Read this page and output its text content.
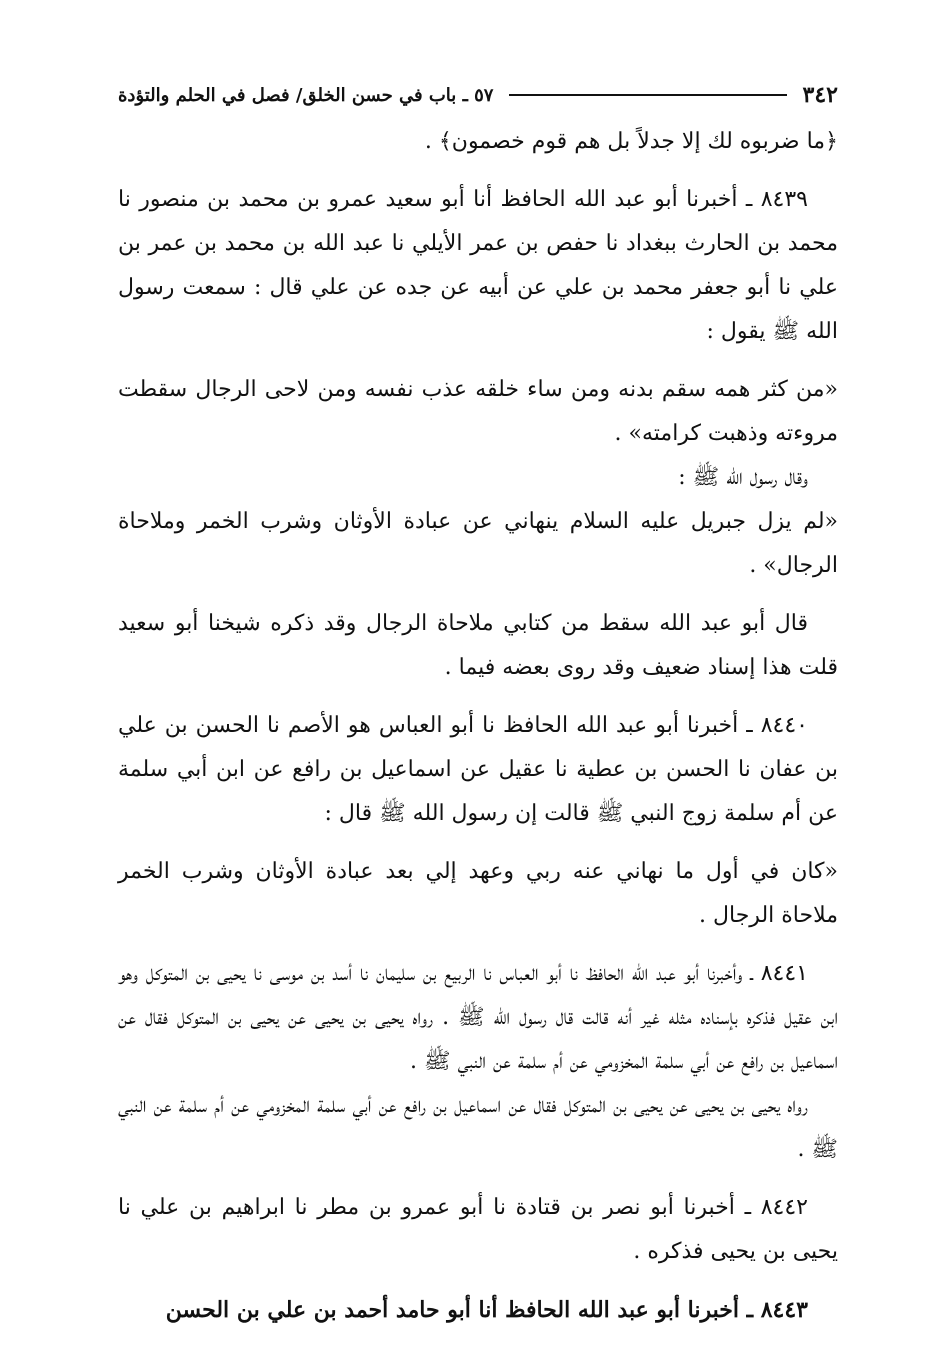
٣٤٢
٥٧ ـ باب في حسن الخلق/ فصل في الحلم والتؤدة

﴿ما ضربوه لك إلا جدلاً بل هم قوم خصمون﴾ .

٨٤٣٩ ـ أخبرنا أبو عبد الله الحافظ أنا أبو سعيد عمرو بن محمد بن منصور نا محمد بن الحارث ببغداد نا حفص بن عمر الأيلي نا عبد الله بن محمد بن عمر بن علي نا أبو جعفر محمد بن علي عن أبيه عن جده عن علي قال : سمعت رسول الله ﷺ يقول :

«من كثر همه سقم بدنه ومن ساء خلقه عذب نفسه ومن لاحى الرجال سقطت مروءته وذهبت كرامته» .

وقال رسول الله ﷺ :

«لم يزل جبريل عليه السلام ينهاني عن عبادة الأوثان وشرب الخمر وملاحاة الرجال» .

قال أبو عبد الله سقط من كتابي ملاحاة الرجال وقد ذكره شيخنا أبو سعيد قلت هذا إسناد ضعيف وقد روى بعضه فيما .

٨٤٤٠ ـ أخبرنا أبو عبد الله الحافظ نا أبو العباس هو الأصم نا الحسن بن علي بن عفان نا الحسن بن عطية نا عقيل عن اسماعيل بن رافع عن ابن أبي سلمة عن أم سلمة زوج النبي ﷺ قالت إن رسول الله ﷺ قال :

«كان في أول ما نهاني عنه ربي وعهد إلي بعد عبادة الأوثان وشرب الخمر ملاحاة الرجال .

٨٤٤١ ـ وأخبرنا أبو عبد الله الحافظ نا أبو العباس نا الربيع بن سليمان نا أسد بن موسى نا يحيى بن المتوكل وهو ابن عقيل فذكره بإسناده مثله غير أنه قالت قال رسول الله ﷺ . رواه يحيى بن يحيى عن يحيى بن المتوكل فقال عن اسماعيل بن رافع عن أبي سلمة المخزومي عن أم سلمة عن النبي ﷺ .

رواه يحيى بن يحيى عن يحيى بن المتوكل فقال عن اسماعيل بن رافع عن أبي سلمة المخزومي عن أم سلمة عن النبي ﷺ .

٨٤٤٢ ـ أخبرنا أبو نصر بن قتادة نا أبو عمرو بن مطر نا ابراهيم بن علي نا يحيى بن يحيى فذكره .

٨٤٤٣ ـ أخبرنا أبو عبد الله الحافظ أنا أبو حامد أحمد بن علي بن الحسن
